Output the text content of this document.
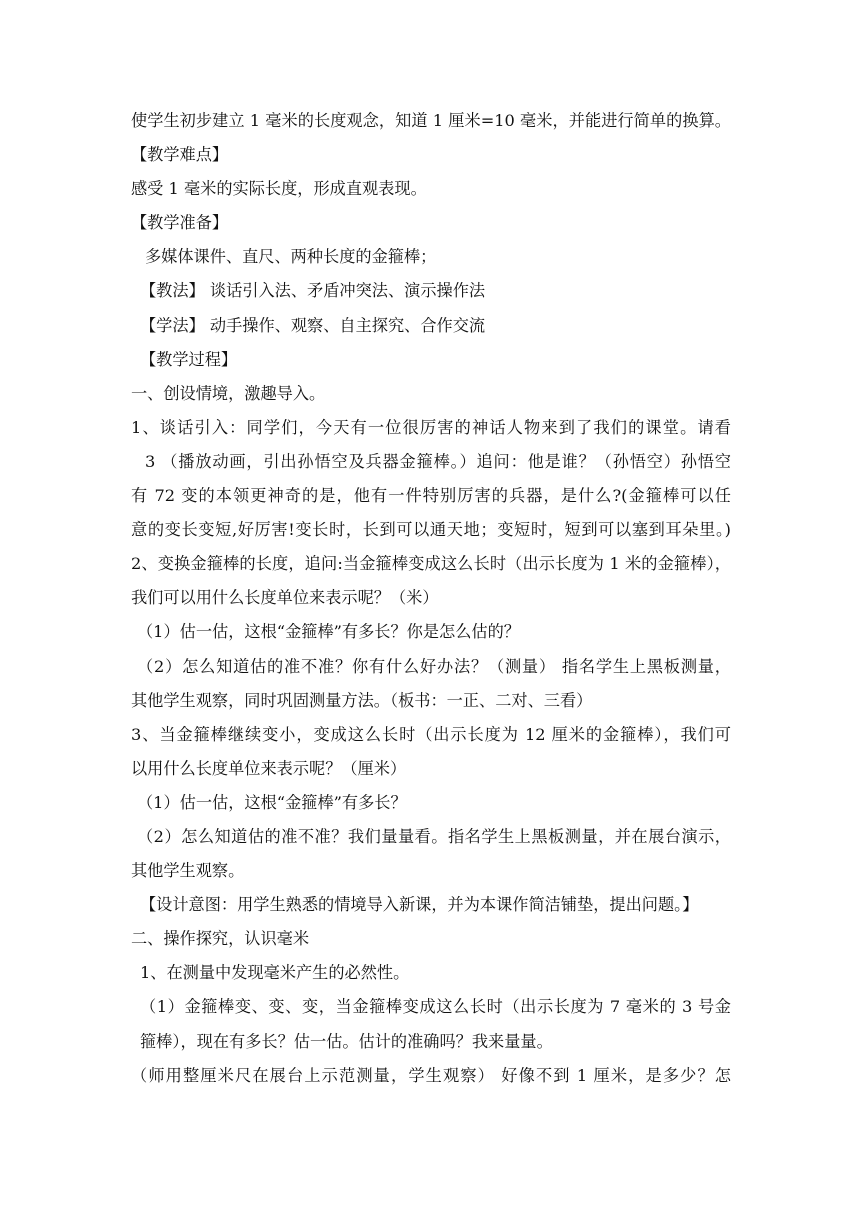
使学生初步建立 1 毫米的长度观念，知道 1 厘米=10 毫米，并能进行简单的换算。
【教学难点】
感受 1 毫米的实际长度，形成直观表现。
【教学准备】
多媒体课件、直尺、两种长度的金箍棒；
【教法】 谈话引入法、矛盾冲突法、演示操作法
【学法】 动手操作、观察、自主探究、合作交流
【教学过程】
一、创设情境，激趣导入。
1、谈话引入：同学们，今天有一位很厉害的神话人物来到了我们的课堂。请看
3 （播放动画，引出孙悟空及兵器金箍棒。）追问：他是谁？（孙悟空）孙悟空
有 72 变的本领更神奇的是，他有一件特别厉害的兵器，是什么?(金箍棒可以任
意的变长变短,好厉害!变长时，长到可以通天地；变短时，短到可以塞到耳朵里。)
2、变换金箍棒的长度，追问:当金箍棒变成这么长时（出示长度为 1 米的金箍棒），
我们可以用什么长度单位来表示呢？（米）
（1）估一估，这根“金箍棒”有多长？你是怎么估的？
（2）怎么知道估的准不准？你有什么好办法？（测量） 指名学生上黑板测量，
其他学生观察，同时巩固测量方法。（板书：一正、二对、三看）
3、当金箍棒继续变小，变成这么长时（出示长度为 12 厘米的金箍棒），我们可
以用什么长度单位来表示呢？（厘米）
（1）估一估，这根“金箍棒”有多长？
（2）怎么知道估的准不准？我们量量看。指名学生上黑板测量，并在展台演示，
其他学生观察。
【设计意图：用学生熟悉的情境导入新课，并为本课作简洁铺垫，提出问题。】
二、操作探究，认识毫米
1、在测量中发现毫米产生的必然性。
（1）金箍棒变、变、变，当金箍棒变成这么长时（出示长度为 7 毫米的 3 号金
箍棒），现在有多长？估一估。估计的准确吗？我来量量。
（师用整厘米尺在展台上示范测量，学生观察） 好像不到 1 厘米，是多少？怎
